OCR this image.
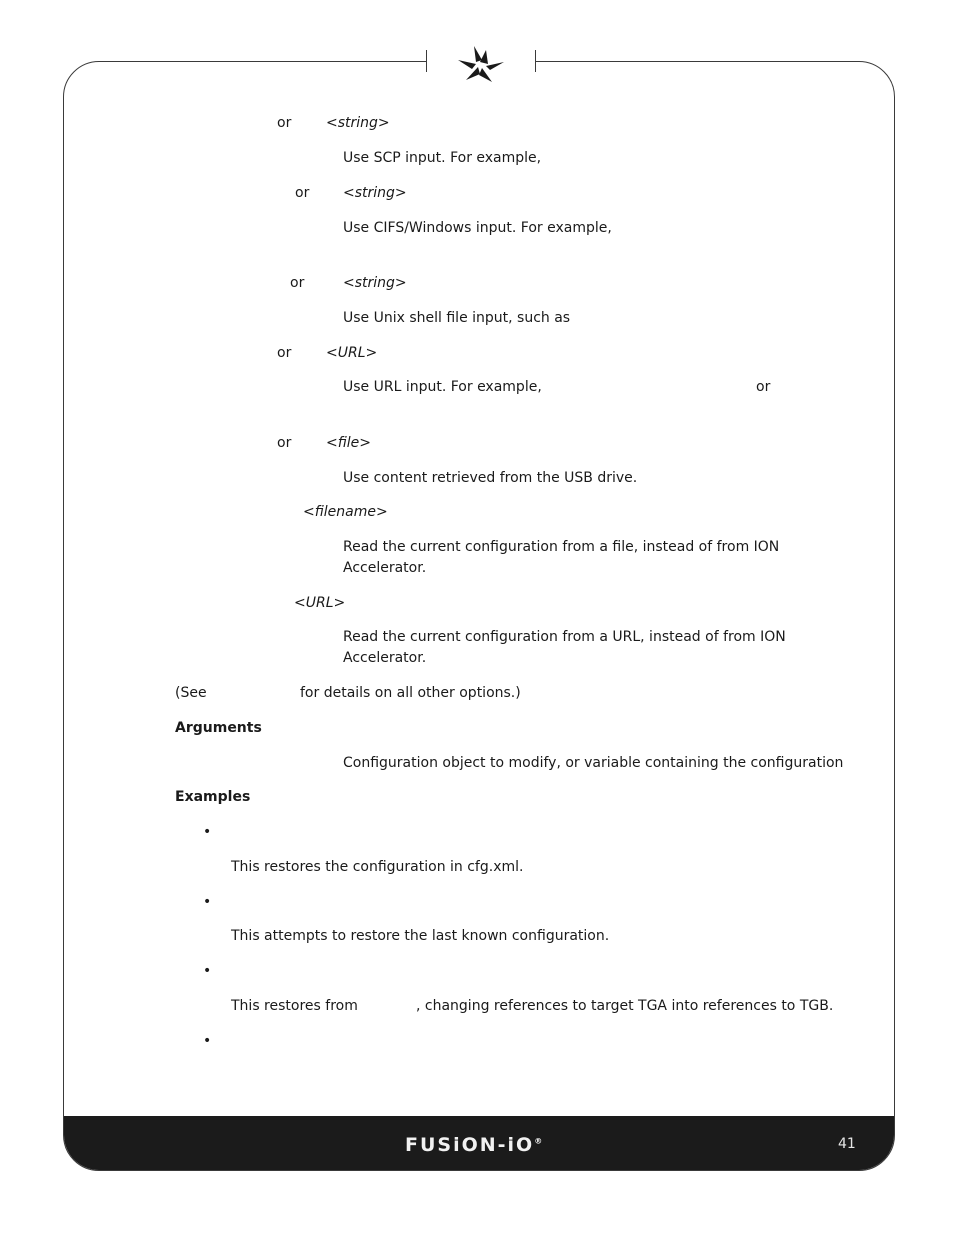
or <string>
Use SCP input. For example,
or <string>
Use CIFS/Windows input. For example,
or	<string>
Use Unix shell file input, such as
or <URL>
Use URL input. For example,	or
or <file>
Use content retrieved from the USB drive.
<filename>
Read the current configuration from a file, instead of from ION
Accelerator.
<URL>
Read the current configuration from a URL, instead of from ION
Accelerator.
(See	for details on all other options.)
Arguments
Configuration object to modify, or variable containing the configuration
Examples
•
This restores the configuration in cfg.xml.
•
This attempts to restore the last known configuration.
•
This restores from	, changing references to target TGA into references to TGB.
•
FUSiON-iO®	41
